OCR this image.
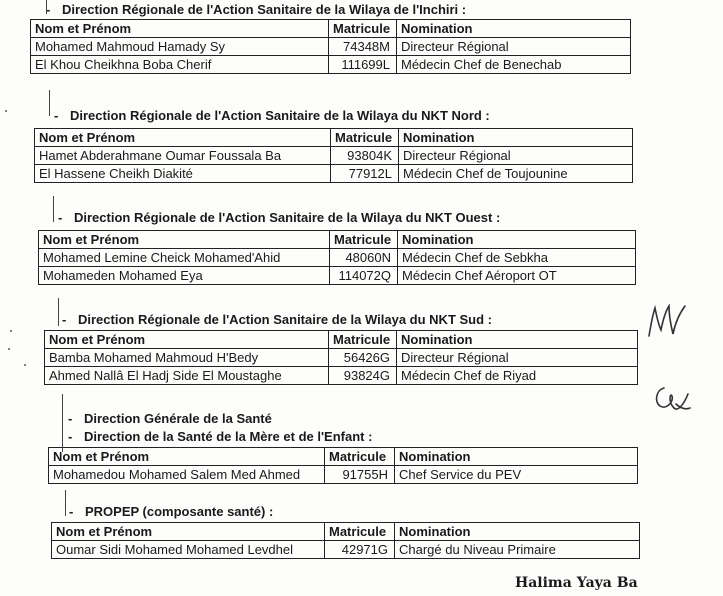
- Direction Régionale de l'Action Sanitaire de la Wilaya de l'Inchiri :
Nom et Prénom	Matricule	Nomination
Mohamed Mahmoud Hamady Sy	74348M	Directeur Régional
El Khou Cheikhna Boba Cherif	111699L	Médecin Chef de Benechab
- Direction Régionale de l'Action Sanitaire de la Wilaya du NKT Nord :
Nom et Prénom	Matricule	Nomination
Hamet Abderahmane Oumar Foussala Ba	93804K	Directeur Régional
El Hassene Cheikh Diakité	77912L	Médecin Chef de Toujounine
- Direction Régionale de l'Action Sanitaire de la Wilaya du NKT Ouest :
Nom et Prénom	Matricule	Nomination
Mohamed Lemine Cheick Mohamed'Ahid	48060N	Médecin Chef de Sebkha
Mohameden Mohamed Eya	114072Q	Médecin Chef Aéroport OT
- Direction Régionale de l'Action Sanitaire de la Wilaya du NKT Sud :
Nom et Prénom	Matricule	Nomination
Bamba Mohamed Mahmoud H'Bedy	56426G	Directeur Régional
Ahmed Nallâ El Hadj Side El Moustaghe	93824G	Médecin Chef de Riyad
- Direction Générale de la Santé
- Direction de la Santé de la Mère et de l'Enfant :
Nom et Prénom	Matricule	Nomination
Mohamedou Mohamed Salem Med Ahmed	91755H	Chef Service du PEV
- PROPEP (composante santé) :
Nom et Prénom	Matricule	Nomination
Oumar Sidi Mohamed Mohamed Levdhel	42971G	Chargé du Niveau Primaire
Halima Yaya Ba
